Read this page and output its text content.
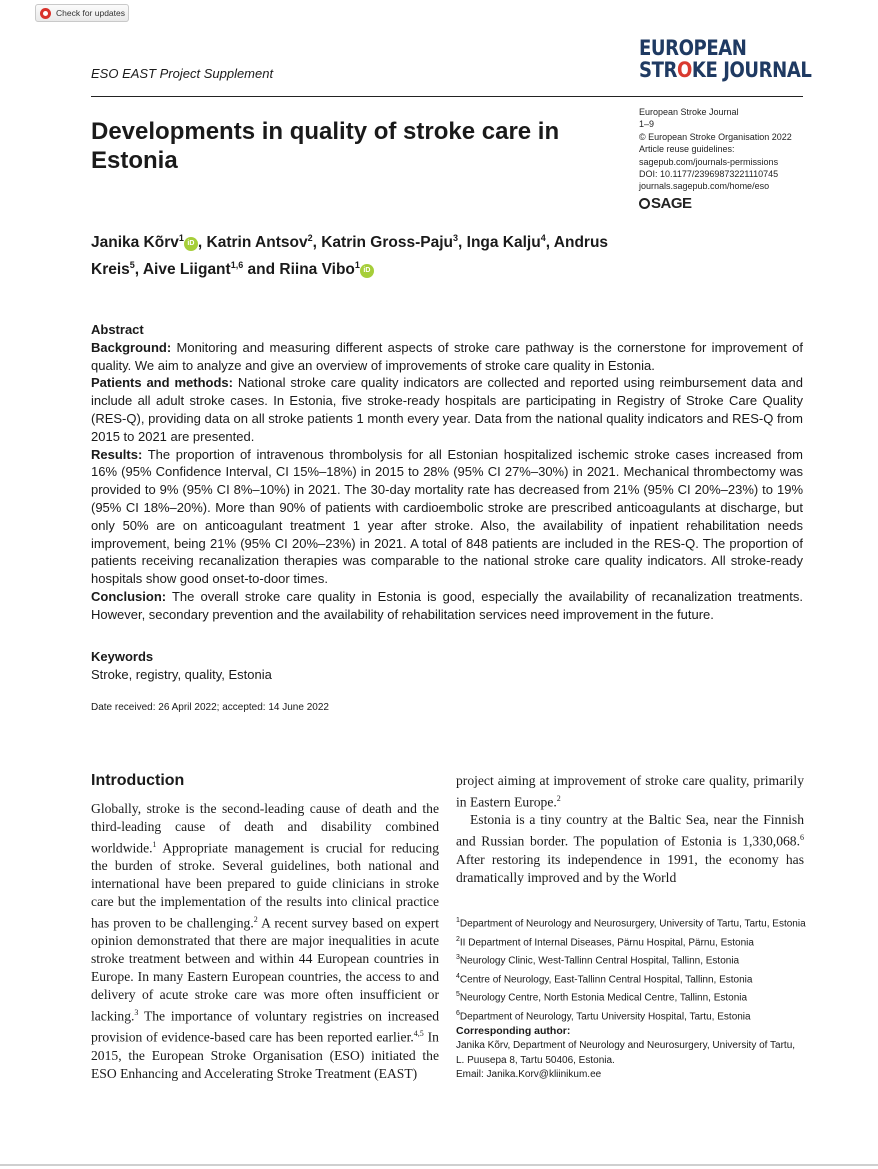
Check for updates
ESO EAST Project Supplement
EUROPEAN
STROKE JOURNAL
European Stroke Journal
1–9
© European Stroke Organisation 2022
Article reuse guidelines:
sagepub.com/journals-permissions
DOI: 10.1177/23969873221110745
journals.sagepub.com/home/eso
SAGE
Developments in quality of stroke care in Estonia
Janika Kõrv$^1$iD , Katrin Antsov$^2$, Katrin Gross-Paju$^3$, Inga Kalju$^4$, Andrus Kreis$^5$, Aive Liigant$^{1,6}$ and Riina Vibo$^1$iD

Abstract

Background: Monitoring and measuring different aspects of stroke care pathway is the cornerstone for improvement of quality. We aim to analyze and give an overview of improvements of stroke care quality in Estonia.

Patients and methods: National stroke care quality indicators are collected and reported using reimbursement data and include all adult stroke cases. In Estonia, five stroke-ready hospitals are participating in Registry of Stroke Care Quality (RES-Q), providing data on all stroke patients 1 month every year. Data from the national quality indicators and RES-Q from 2015 to 2021 are presented.

Results: The proportion of intravenous thrombolysis for all Estonian hospitalized ischemic stroke cases increased from 16% (95% Confidence Interval, CI 15%–18%) in 2015 to 28% (95% CI 27%–30%) in 2021. Mechanical thrombectomy was provided to 9% (95% CI 8%–10%) in 2021. The 30-day mortality rate has decreased from 21% (95% CI 20%–23%) to 19% (95% CI 18%–20%). More than 90% of patients with cardioembolic stroke are prescribed anticoagulants at discharge, but only 50% are on anticoagulant treatment 1 year after stroke. Also, the availability of inpatient rehabilitation needs improvement, being 21% (95% CI 20%–23%) in 2021. A total of 848 patients are included in the RES-Q. The proportion of patients receiving recanalization therapies was comparable to the national stroke care quality indicators. All stroke-ready hospitals show good onset-to-door times.

Conclusion: The overall stroke care quality in Estonia is good, especially the availability of recanalization treatments. However, secondary prevention and the availability of rehabilitation services need improvement in the future.

Keywords
Stroke, registry, quality, Estonia
Date received: 26 April 2022; accepted: 14 June 2022
Introduction

Globally, stroke is the second-leading cause of death and the third-leading cause of death and disability combined worldwide.$^1$ Appropriate management is crucial for reducing the burden of stroke. Several guidelines, both national and international have been prepared to guide clinicians in stroke care but the implementation of the results into clinical practice has proven to be challenging.$^2$ A recent survey based on expert opinion demonstrated that there are major inequalities in acute stroke treatment between and within 44 European countries in Europe. In many Eastern European countries, the access to and delivery of acute stroke care was more often insufficient or lacking.$^3$ The importance of voluntary registries on increased provision of evidence-based care has been reported earlier.$^{4,5}$ In 2015, the European Stroke Organisation (ESO) initiated the ESO Enhancing and Accelerating Stroke Treatment (EAST)

project aiming at improvement of stroke care quality, primarily in Eastern Europe.$^2$

Estonia is a tiny country at the Baltic Sea, near the Finnish and Russian border. The population of Estonia is 1,330,068.$^6$ After restoring its independence in 1991, the economy has dramatically improved and by the World

$^1$Department of Neurology and Neurosurgery, University of Tartu, Tartu, Estonia
$^2$II Department of Internal Diseases, Pärnu Hospital, Pärnu, Estonia
$^3$Neurology Clinic, West-Tallinn Central Hospital, Tallinn, Estonia
$^4$Centre of Neurology, East-Tallinn Central Hospital, Tallinn, Estonia
$^5$Neurology Centre, North Estonia Medical Centre, Tallinn, Estonia
$^6$Department of Neurology, Tartu University Hospital, Tartu, Estonia
Corresponding author:
Janika Kõrv, Department of Neurology and Neurosurgery, University of Tartu, L. Puusepa 8, Tartu 50406, Estonia.
Email: Janika.Korv@kliinikum.ee
